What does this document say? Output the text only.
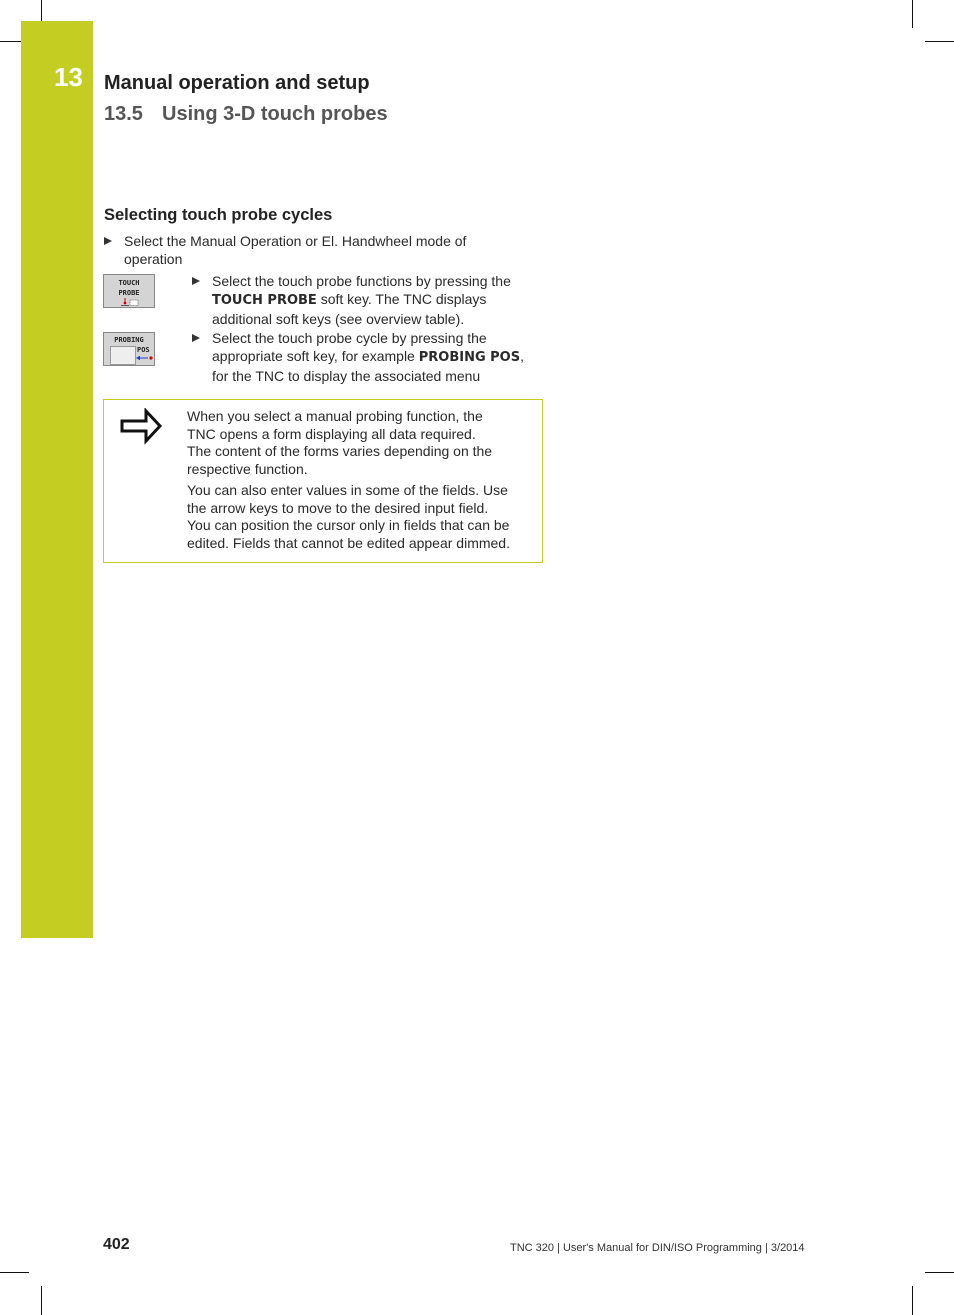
13 Manual operation and setup
13.5 Using 3-D touch probes
Selecting touch probe cycles
Select the Manual Operation or El. Handwheel mode of operation
TOUCH
PROBE
Select the touch probe functions by pressing the TOUCH PROBE soft key. The TNC displays additional soft keys (see overview table).
PROBING
POS
Select the touch probe cycle by pressing the appropriate soft key, for example PROBING POS, for the TNC to display the associated menu
When you select a manual probing function, the
TNC opens a form displaying all data required.
The content of the forms varies depending on the
respective function.
You can also enter values in some of the fields. Use
the arrow keys to move to the desired input field.
You can position the cursor only in fields that can be
edited. Fields that cannot be edited appear dimmed.
402	TNC 320 | User's Manual for DIN/ISO Programming | 3/2014
